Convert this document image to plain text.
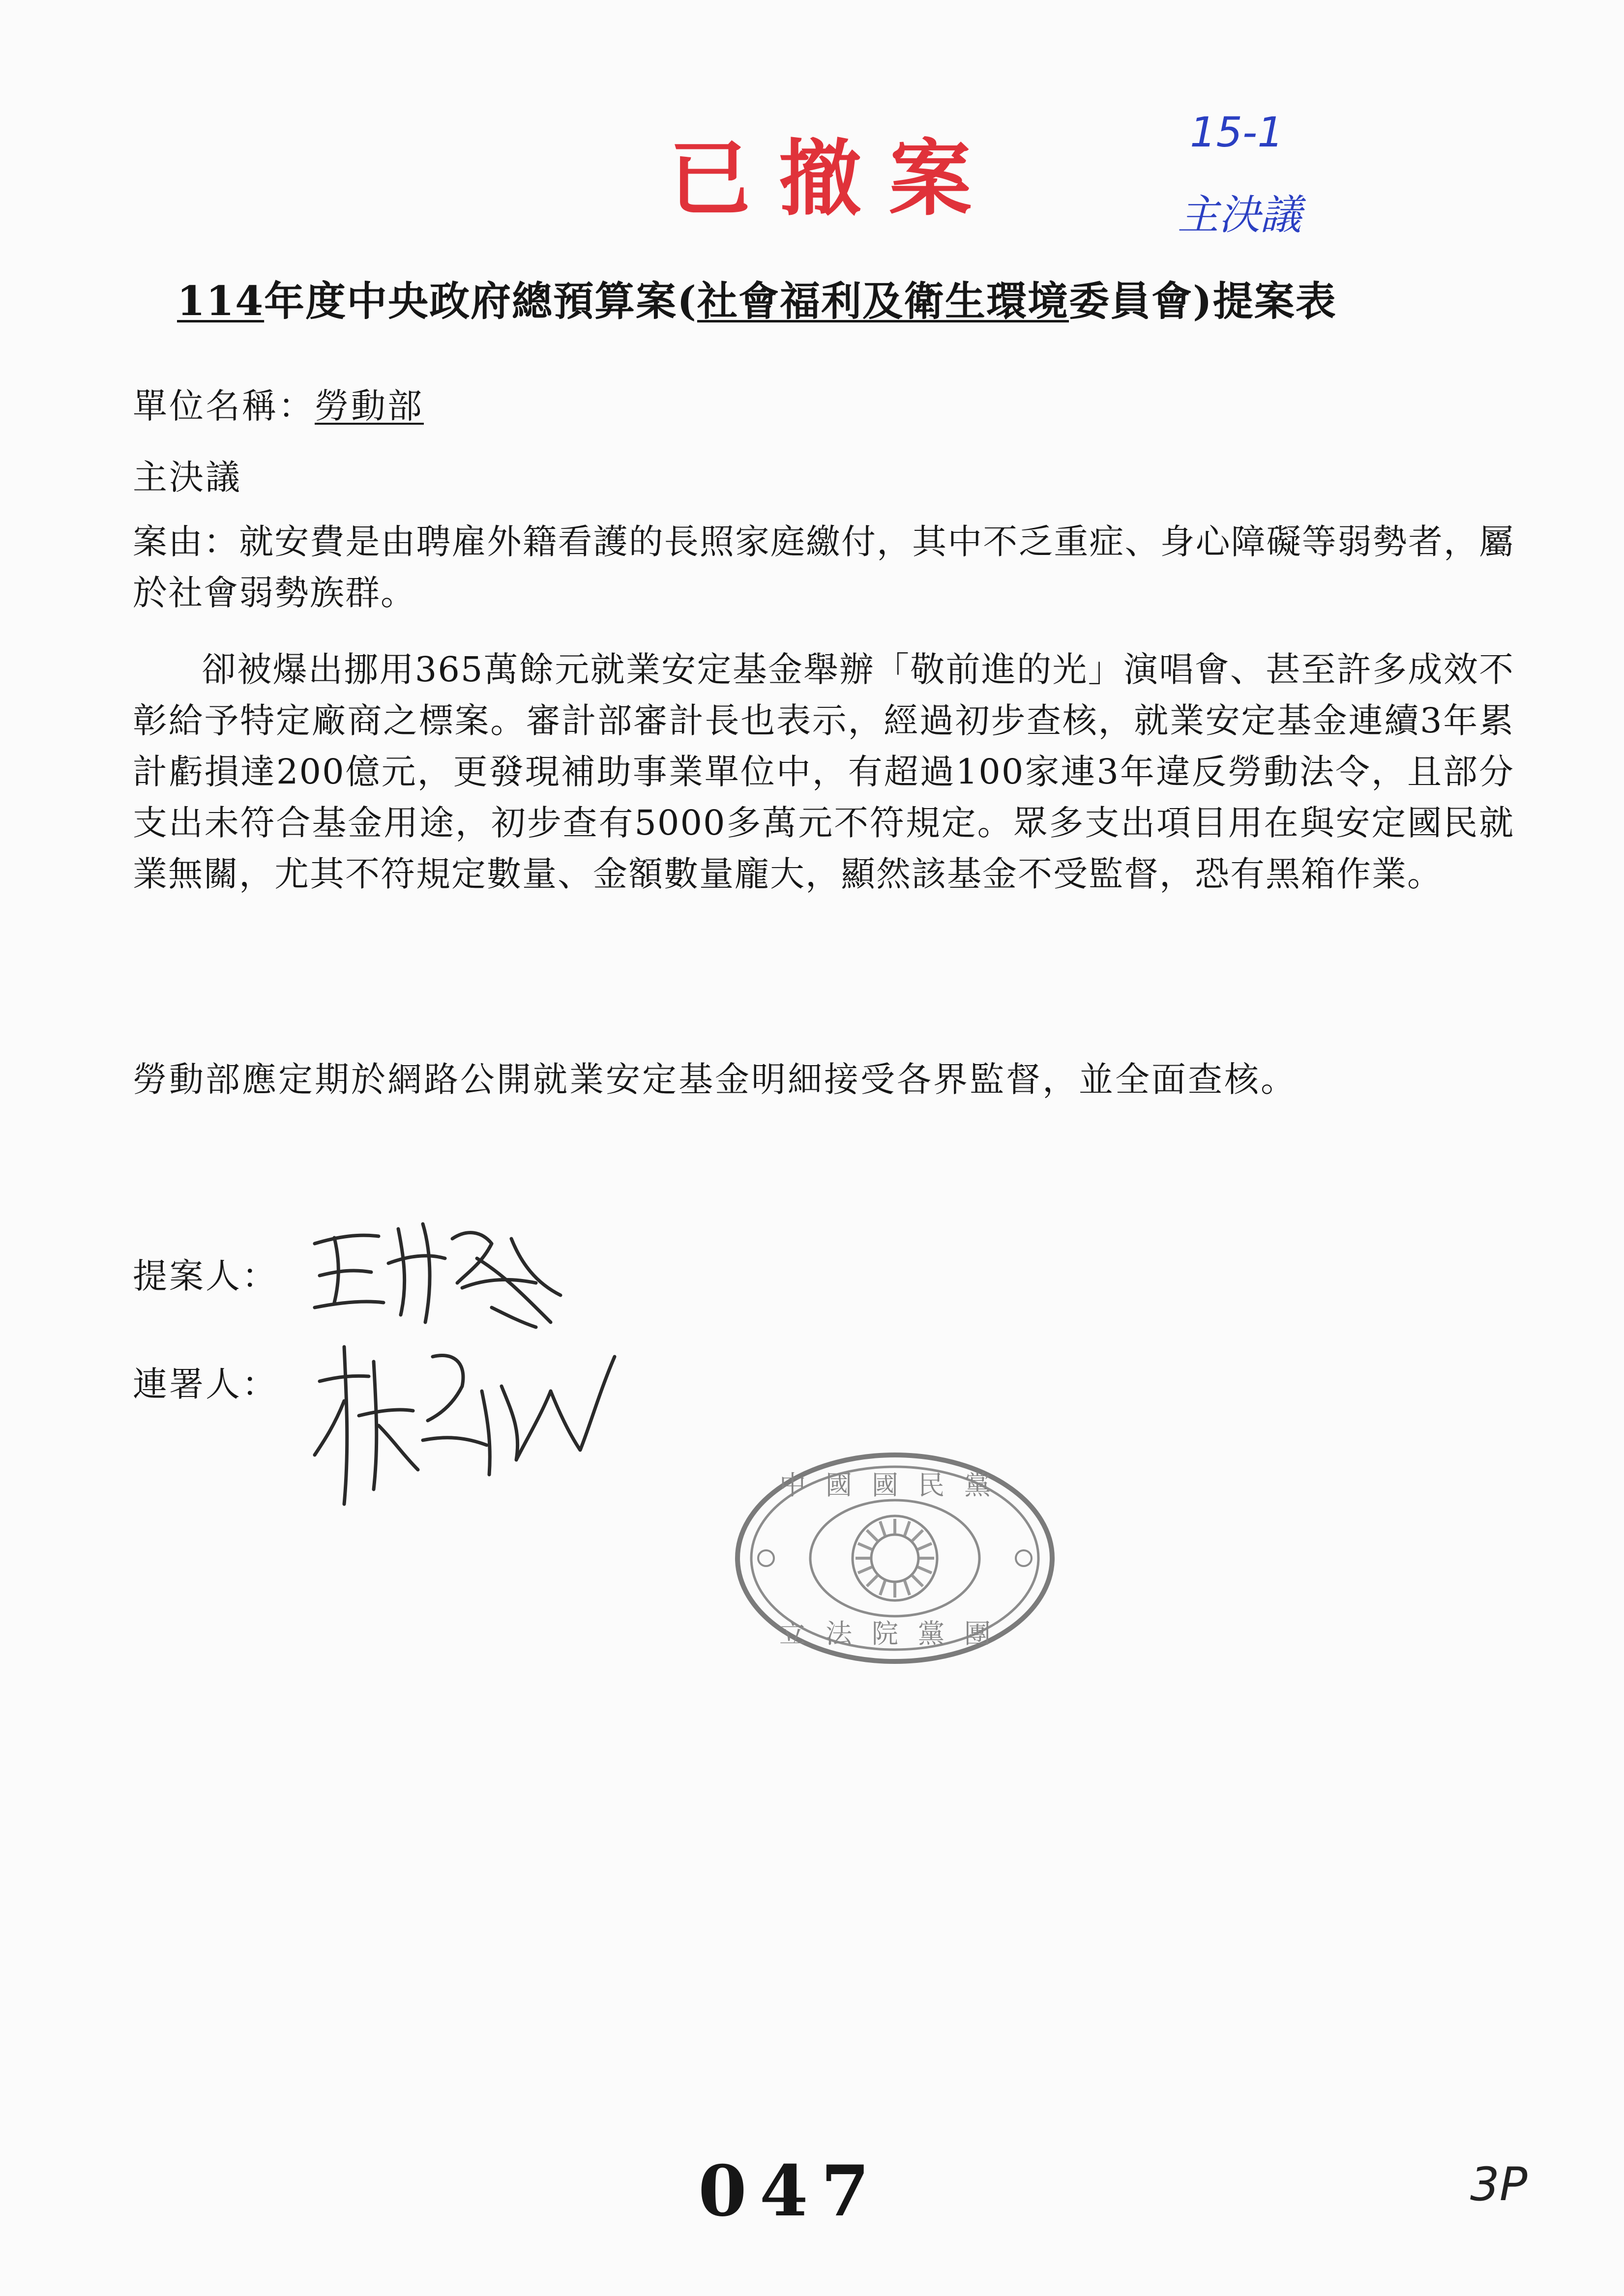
已撤案	15-1
主決議
114年度中央政府總預算案(社會福利及衛生環境委員會)提案表
單位名稱：勞動部
主決議

案由：就安費是由聘雇外籍看護的長照家庭繳付，其中不乏重症、身心障礙等弱勢者，屬於社會弱勢族群。

卻被爆出挪用365萬餘元就業安定基金舉辦「敬前進的光」演唱會、甚至許多成效不彰給予特定廠商之標案。審計部審計長也表示，經過初步查核，就業安定基金連續3年累計虧損達200億元，更發現補助事業單位中，有超過100家連3年違反勞動法令，且部分支出未符合基金用途，初步查有5000多萬元不符規定。眾多支出項目用在與安定國民就業無關，尤其不符規定數量、金額數量龐大，顯然該基金不受監督，恐有黑箱作業。

勞動部應定期於網路公開就業安定基金明細接受各界監督，並全面查核。
提案人：
連署人：
中國國民黨
立法院黨團
047	3P
